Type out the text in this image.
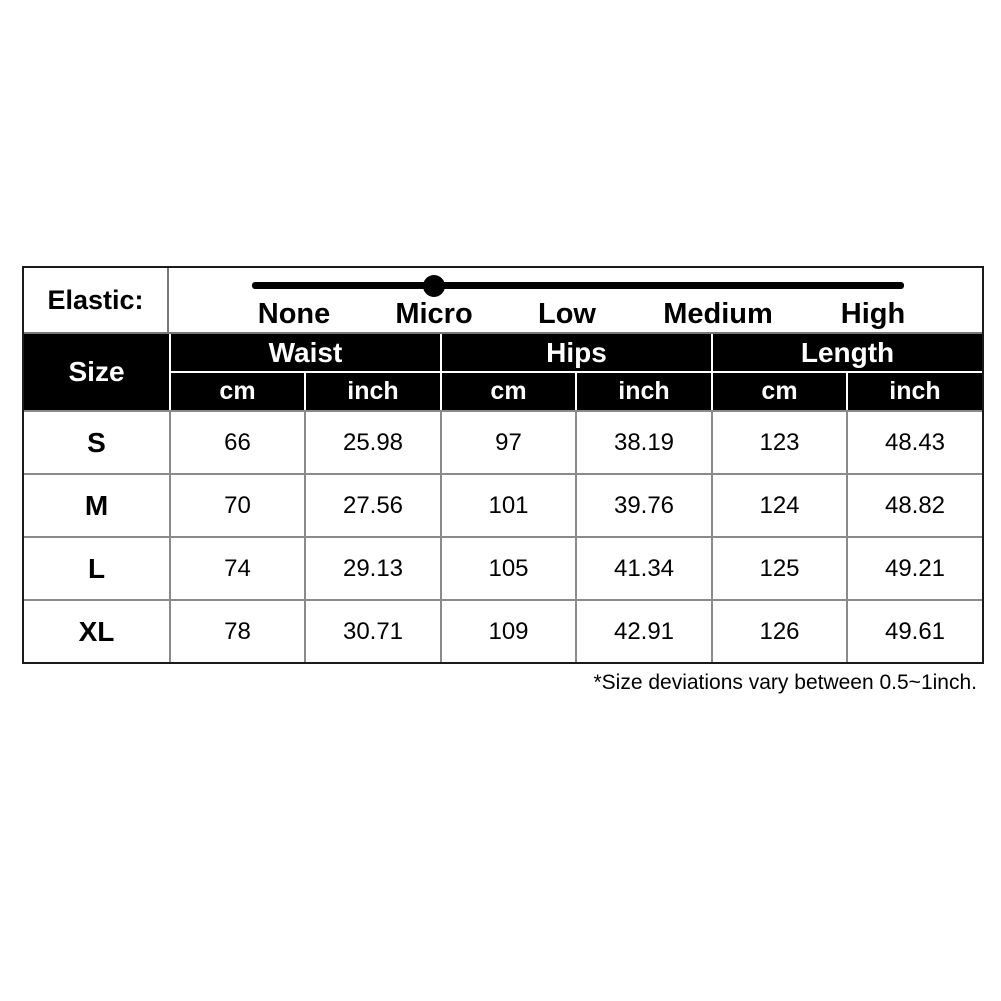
Elastic:	None Micro Low Medium High
Size
Waist	Hips	Length
cm	inch	cm	inch	cm	inch
S	66	25.98	97	38.19	123	48.43
M	70	27.56	101	39.76	124	48.82
L	74	29.13	105	41.34	125	49.21
XL	78	30.71	109	42.91	126	49.61
*Size deviations vary between 0.5~1inch.
